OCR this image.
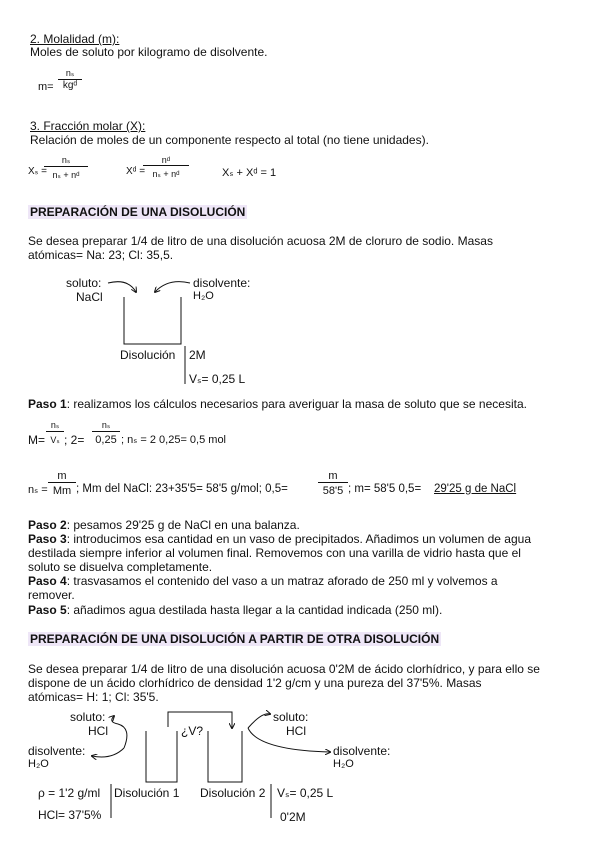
2. Molalidad (m):
Moles de soluto por kilogramo de disolvente.
m=
nₛ
kgᵈ
3. Fracción molar (X):
Relación de moles de un componente respecto al total (no tiene unidades).
Xₛ =
nₛ
nₛ + nᵈ	Xᵈ =
nᵈ
nₛ + nᵈ	Xₛ + Xᵈ = 1
PREPARACIÓN DE UNA DISOLUCIÓN
Se desea preparar 1/4 de litro de una disolución acuosa 2M de cloruro de sodio. Masas
atómicas= Na: 23; Cl: 35,5.
soluto:
NaCl
disolvente:
H₂O
Disolución 2M
Vₛ= 0,25 L
Paso 1: realizamos los cálculos necesarios para averiguar la masa de soluto que se necesita.
M=
nₛ
Vₛ ; 2=
nₛ
0,25 ; nₛ = 2 0,25= 0,5 mol
nₛ =
m
Mm ; Mm del NaCl: 23+35'5= 58'5 g/mol; 0,5=
m
58'5 ; m= 58'5 0,5= 29'25 g de NaCl
Paso 2: pesamos 29'25 g de NaCl en una balanza.
Paso 3: introducimos esa cantidad en un vaso de precipitados. Añadimos un volumen de agua
destilada siempre inferior al volumen final. Removemos con una varilla de vidrio hasta que el
soluto se disuelva completamente.
Paso 4: trasvasamos el contenido del vaso a un matraz aforado de 250 ml y volvemos a
remover.
Paso 5: añadimos agua destilada hasta llegar a la cantidad indicada (250 ml).
PREPARACIÓN DE UNA DISOLUCIÓN A PARTIR DE OTRA DISOLUCIÓN
Se desea preparar 1/4 de litro de una disolución acuosa 0'2M de ácido clorhídrico, y para ello se
dispone de un ácido clorhídrico de densidad 1'2 g/cm y una pureza del 37'5%. Masas
atómicas= H: 1; Cl: 35'5.
soluto:
HCl
disolvente:
H₂O
¿V?
soluto:
HCl
disolvente:
H₂O
ρ = 1'2 g/ml
HCl= 37'5%
Disolución 1 Disolución 2 Vₛ= 0,25 L
0'2M
